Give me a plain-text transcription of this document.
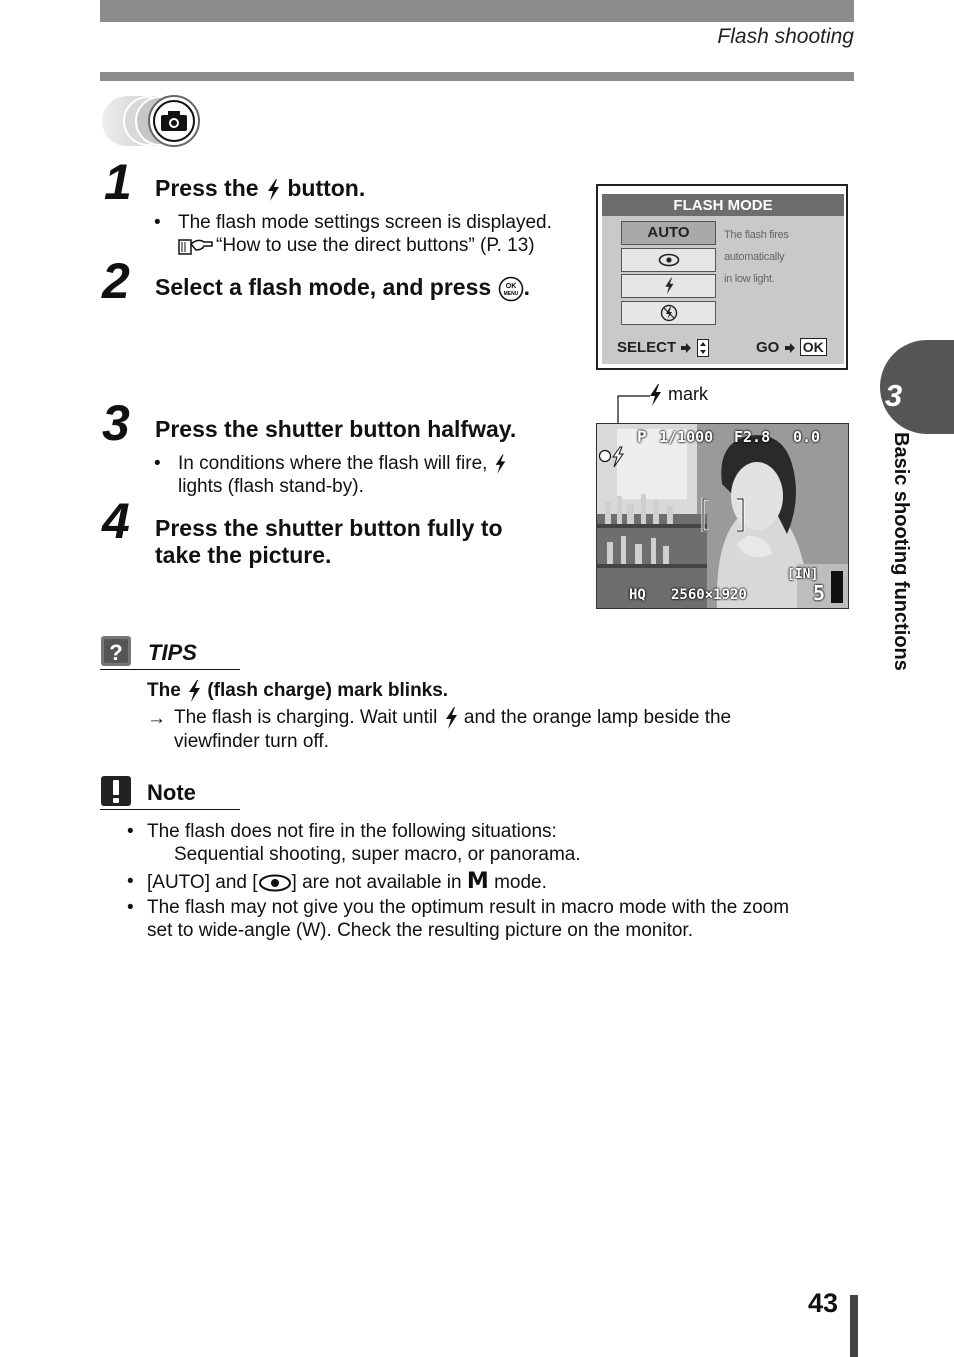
Flash shooting
1 Press the button.
• The flash mode settings screen is displayed.
“How to use the direct buttons” (P. 13)
2 Select a flash mode, and press OK
MENU .
FLASH MODE
AUTO	The flash fires automatically
in low light.
SELECT	GO OK
3 Press the shutter button halfway.
• In conditions where the flash will fire,
lights (flash stand-by).
4 Press the shutter button fully to
take the picture.
mark
P 1/1000 F2.8 0.0
[IN]
HQ 2560×1920	5
? TIPS
The (flash charge) mark blinks.
→ The flash is charging. Wait until and the orange lamp beside the
viewfinder turn off.
Note
• The flash does not fire in the following situations:
Sequential shooting, super macro, or panorama.
• [AUTO] and [ ] are not available in M mode.
• The flash may not give you the optimum result in macro mode with the zoom
set to wide-angle (W). Check the resulting picture on the monitor.
3
Basic shooting functions
43
